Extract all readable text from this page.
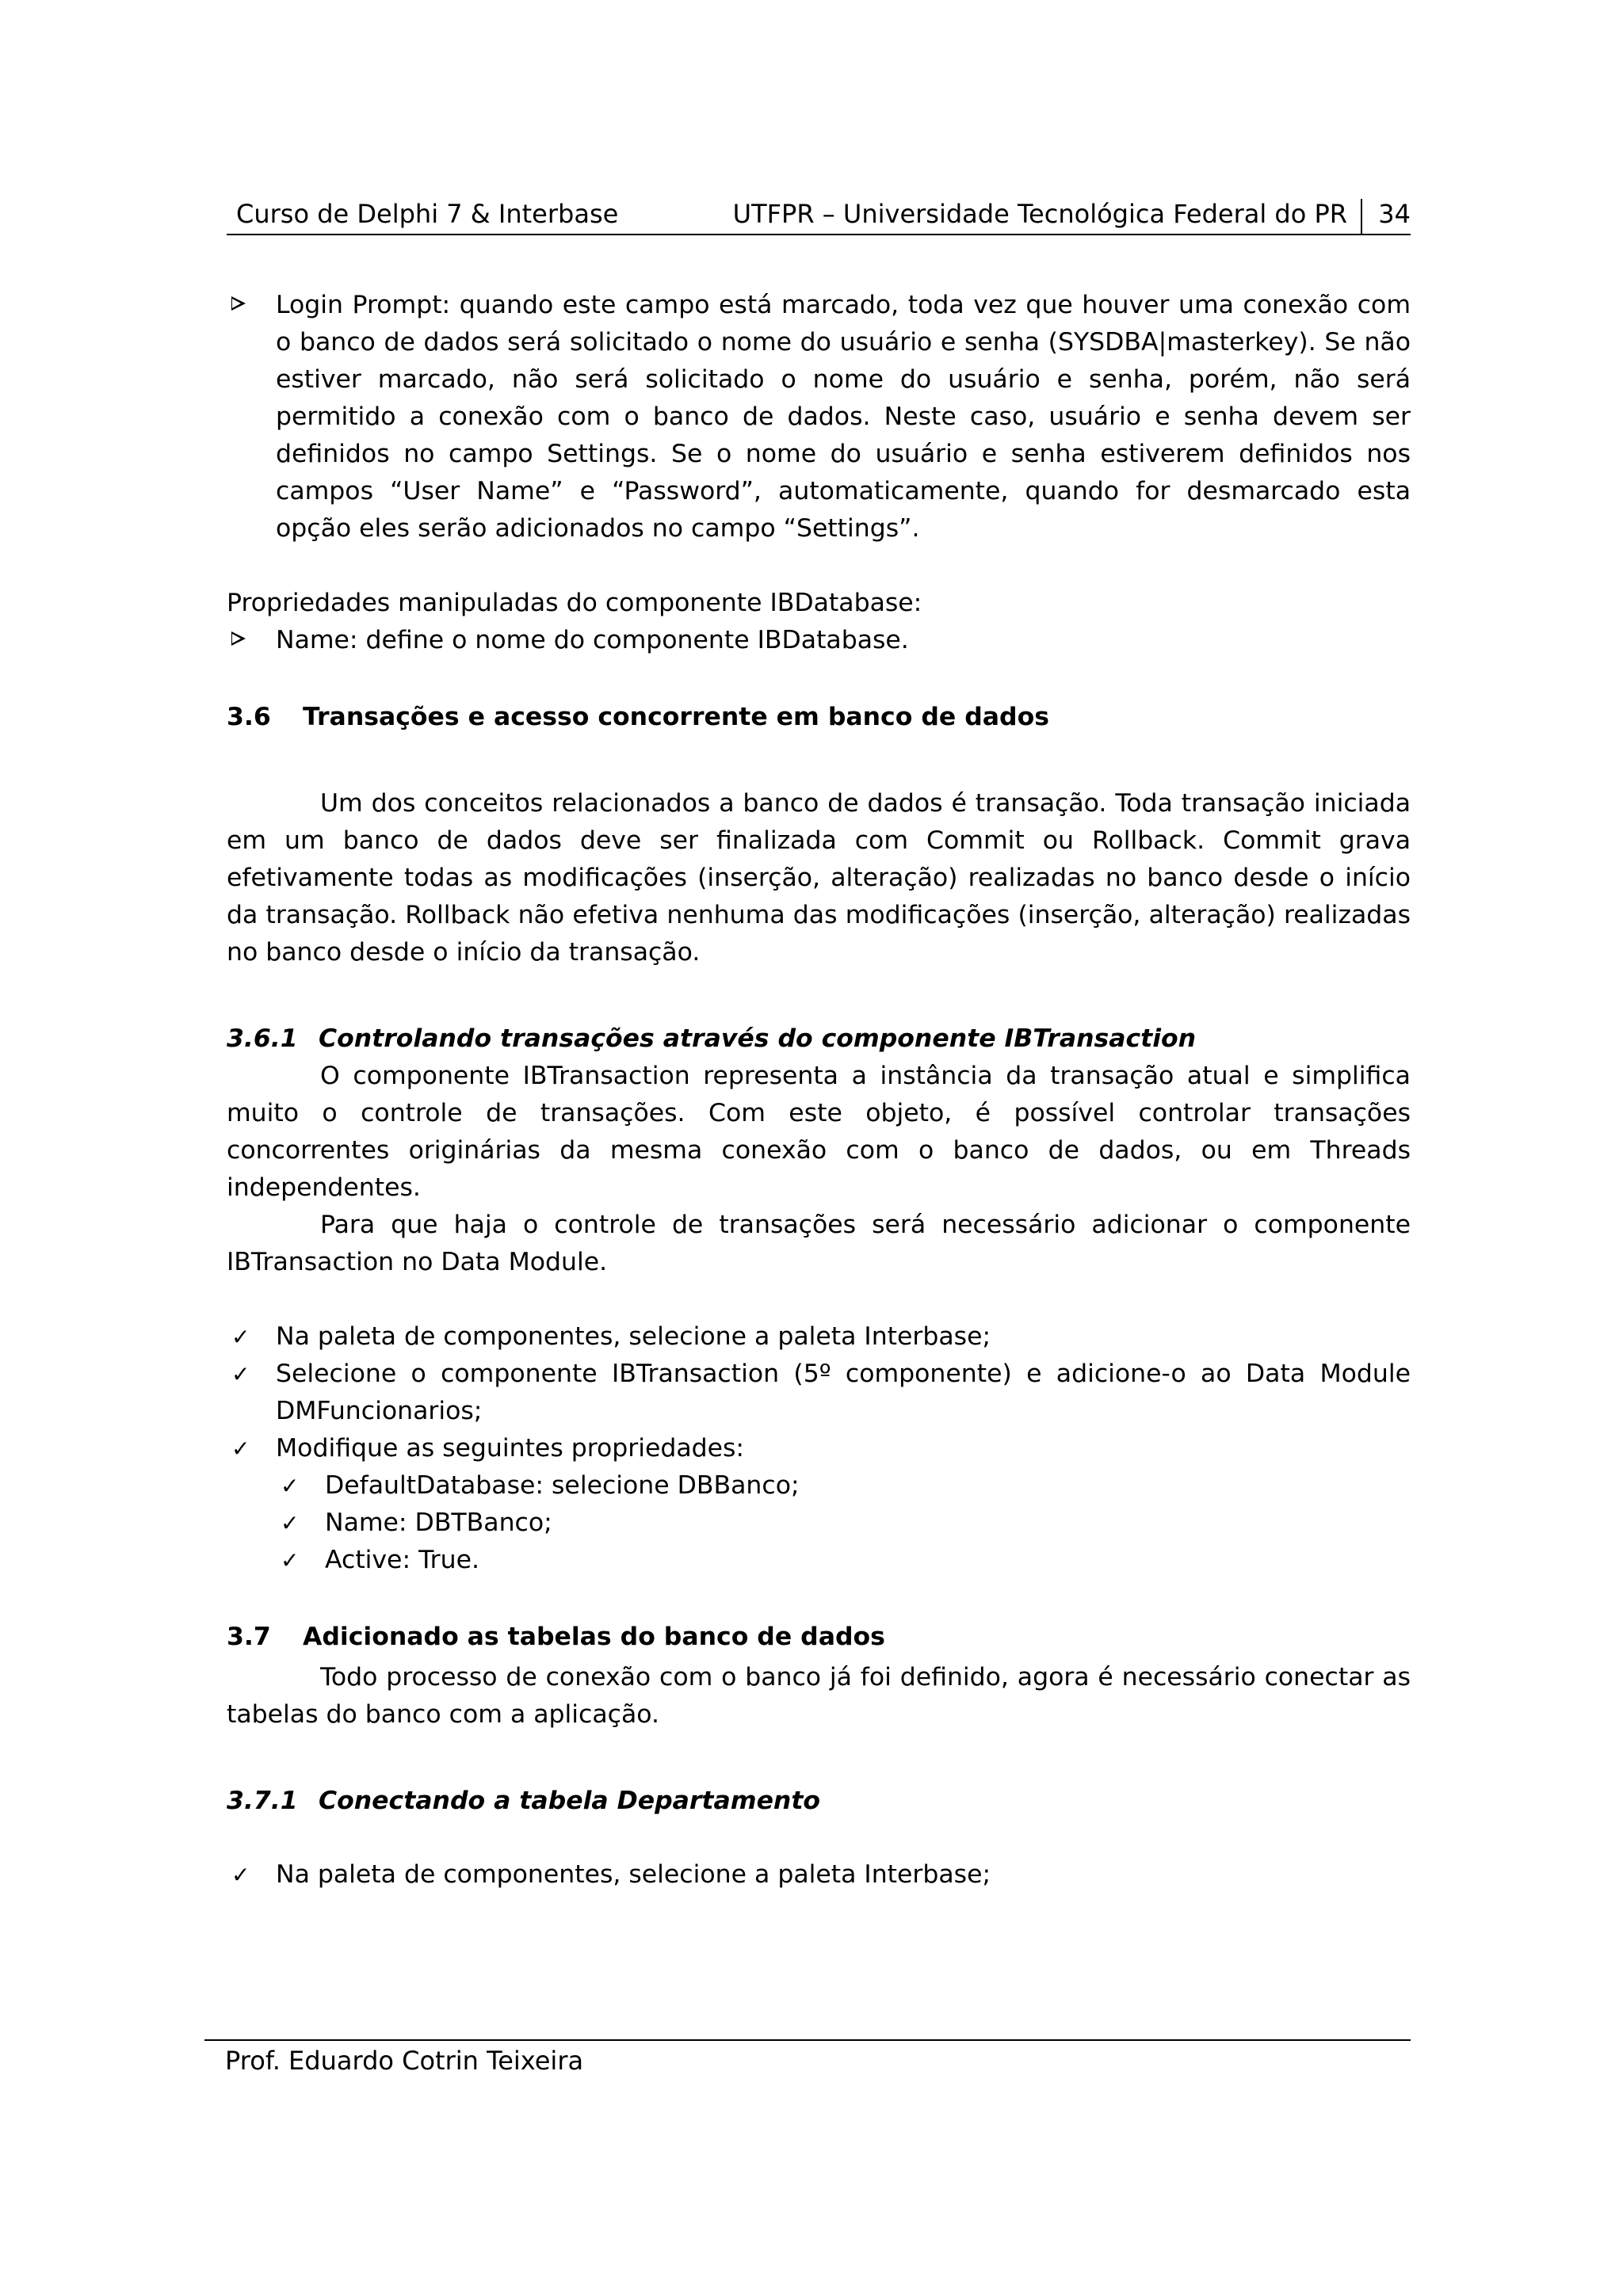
Curso de Delphi 7 & Interbase	UTFPR – Universidade Tecnológica Federal do PR 34
Login Prompt: quando este campo está marcado, toda vez que houver uma conexão com o banco de dados será solicitado o nome do usuário e senha (SYSDBA|masterkey). Se não estiver marcado, não será solicitado o nome do usuário e senha, porém, não será permitido a conexão com o banco de dados. Neste caso, usuário e senha devem ser definidos no campo Settings. Se o nome do usuário e senha estiverem definidos nos campos “User Name” e “Password”, automaticamente, quando for desmarcado esta opção eles serão adicionados no campo “Settings”.

Propriedades manipuladas do componente IBDatabase:

Name: define o nome do componente IBDatabase.
3.6 Transações e acesso concorrente em banco de dados

Um dos conceitos relacionados a banco de dados é transação. Toda transação iniciada em um banco de dados deve ser finalizada com Commit ou Rollback. Commit grava efetivamente todas as modificações (inserção, alteração) realizadas no banco desde o início da transação. Rollback não efetiva nenhuma das modificações (inserção, alteração) realizadas no banco desde o início da transação.

3.6.1 Controlando transações através do componente IBTransaction

O componente IBTransaction representa a instância da transação atual e simplifica muito o controle de transações. Com este objeto, é possível controlar transações concorrentes originárias da mesma conexão com o banco de dados, ou em Threads independentes.

Para que haja o controle de transações será necessário adicionar o componente IBTransaction no Data Module.

✓	Na paleta de componentes, selecione a paleta Interbase;
✓	Selecione o componente IBTransaction (5º componente) e adicione-o ao Data Module DMFuncionarios;
✓	Modifique as seguintes propriedades:
✓	DefaultDatabase: selecione DBBanco;
✓	Name: DBTBanco;
✓	Active: True.
3.7 Adicionado as tabelas do banco de dados

Todo processo de conexão com o banco já foi definido, agora é necessário conectar as tabelas do banco com a aplicação.

3.7.1 Conectando a tabela Departamento
✓	Na paleta de componentes, selecione a paleta Interbase;
Prof. Eduardo Cotrin Teixeira
